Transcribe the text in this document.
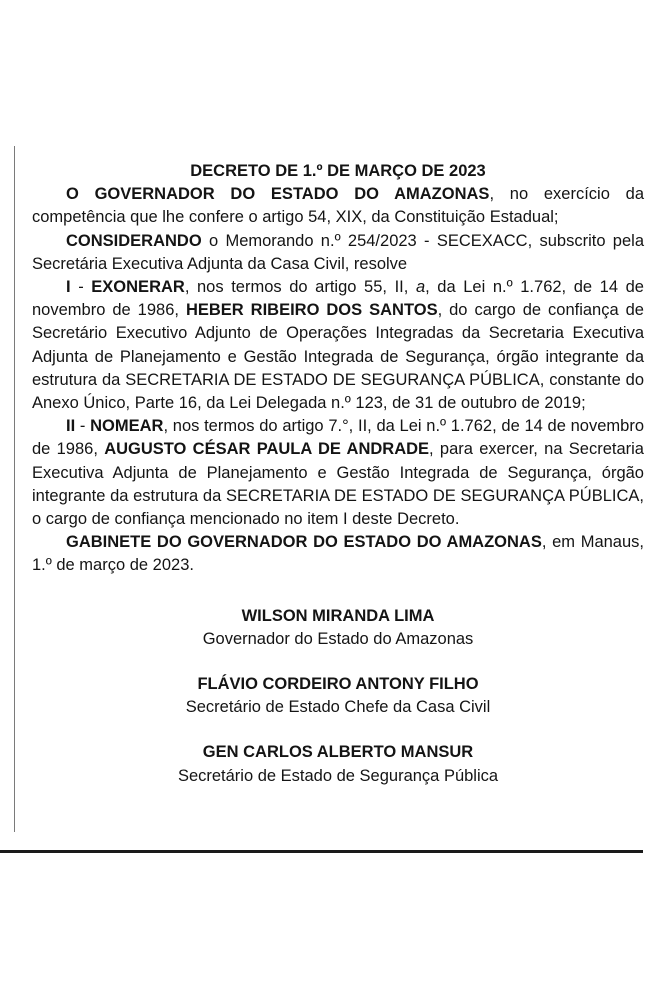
DECRETO DE 1.º DE MARÇO DE 2023

O GOVERNADOR DO ESTADO DO AMAZONAS, no exercício da competência que lhe confere o artigo 54, XIX, da Constituição Estadual;

CONSIDERANDO o Memorando n.º 254/2023 - SECEXACC, subscrito pela Secretária Executiva Adjunta da Casa Civil, resolve

I - EXONERAR, nos termos do artigo 55, II, a, da Lei n.º 1.762, de 14 de novembro de 1986, HEBER RIBEIRO DOS SANTOS, do cargo de confiança de Secretário Executivo Adjunto de Operações Integradas da Secretaria Executiva Adjunta de Planejamento e Gestão Integrada de Segurança, órgão integrante da estrutura da SECRETARIA DE ESTADO DE SEGURANÇA PÚBLICA, constante do Anexo Único, Parte 16, da Lei Delegada n.º 123, de 31 de outubro de 2019;

II - NOMEAR, nos termos do artigo 7.°, II, da Lei n.º 1.762, de 14 de novembro de 1986, AUGUSTO CÉSAR PAULA DE ANDRADE, para exercer, na Secretaria Executiva Adjunta de Planejamento e Gestão Integrada de Segurança, órgão integrante da estrutura da SECRETARIA DE ESTADO DE SEGURANÇA PÚBLICA, o cargo de confiança mencionado no item I deste Decreto.

GABINETE DO GOVERNADOR DO ESTADO DO AMAZONAS, em Manaus, 1.º de março de 2023.

WILSON MIRANDA LIMA

Governador do Estado do Amazonas

FLÁVIO CORDEIRO ANTONY FILHO

Secretário de Estado Chefe da Casa Civil

GEN CARLOS ALBERTO MANSUR

Secretário de Estado de Segurança Pública
